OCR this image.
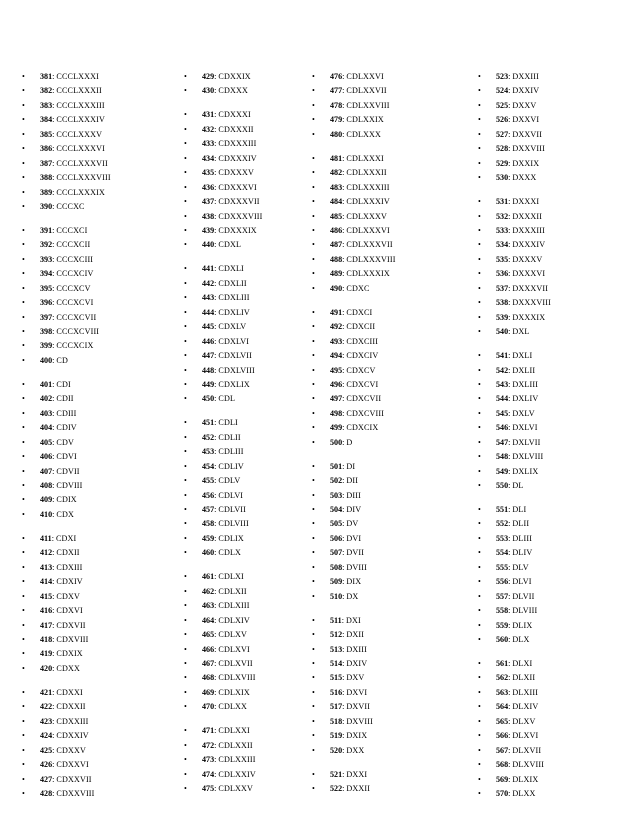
•	381: CCCLXXXI
•	382: CCCLXXXII
•	383: CCCLXXXIII
•	384: CCCLXXXIV
•	385: CCCLXXXV
•	386: CCCLXXXVI
•	387: CCCLXXXVII
•	388: CCCLXXXVIII
•	389: CCCLXXXIX
•	390: CCCXC
•	391: CCCXCI
•	392: CCCXCII
•	393: CCCXCIII
•	394: CCCXCIV
•	395: CCCXCV
•	396: CCCXCVI
•	397: CCCXCVII
•	398: CCCXCVIII
•	399: CCCXCIX
•	400: CD
•	401: CDI
•	402: CDII
•	403: CDIII
•	404: CDIV
•	405: CDV
•	406: CDVI
•	407: CDVII
•	408: CDVIII
•	409: CDIX
•	410: CDX
•	411: CDXI
•	412: CDXII
•	413: CDXIII
•	414: CDXIV
•	415: CDXV
•	416: CDXVI
•	417: CDXVII
•	418: CDXVIII
•	419: CDXIX
•	420: CDXX
•	421: CDXXI
•	422: CDXXII
•	423: CDXXIII
•	424: CDXXIV
•	425: CDXXV
•	426: CDXXVI
•	427: CDXXVII
•	428: CDXXVIII
•	429: CDXXIX
•	430: CDXXX
•	431: CDXXXI
•	432: CDXXXII
•	433: CDXXXIII
•	434: CDXXXIV
•	435: CDXXXV
•	436: CDXXXVI
•	437: CDXXXVII
•	438: CDXXXVIII
•	439: CDXXXIX
•	440: CDXL
•	441: CDXLI
•	442: CDXLII
•	443: CDXLIII
•	444: CDXLIV
•	445: CDXLV
•	446: CDXLVI
•	447: CDXLVII
•	448: CDXLVIII
•	449: CDXLIX
•	450: CDL
•	451: CDLI
•	452: CDLII
•	453: CDLIII
•	454: CDLIV
•	455: CDLV
•	456: CDLVI
•	457: CDLVII
•	458: CDLVIII
•	459: CDLIX
•	460: CDLX
•	461: CDLXI
•	462: CDLXII
•	463: CDLXIII
•	464: CDLXIV
•	465: CDLXV
•	466: CDLXVI
•	467: CDLXVII
•	468: CDLXVIII
•	469: CDLXIX
•	470: CDLXX
•	471: CDLXXI
•	472: CDLXXII
•	473: CDLXXIII
•	474: CDLXXIV
•	475: CDLXXV
•	476: CDLXXVI
•	477: CDLXXVII
•	478: CDLXXVIII
•	479: CDLXXIX
•	480: CDLXXX
•	481: CDLXXXI
•	482: CDLXXXII
•	483: CDLXXXIII
•	484: CDLXXXIV
•	485: CDLXXXV
•	486: CDLXXXVI
•	487: CDLXXXVII
•	488: CDLXXXVIII
•	489: CDLXXXIX
•	490: CDXC
•	491: CDXCI
•	492: CDXCII
•	493: CDXCIII
•	494: CDXCIV
•	495: CDXCV
•	496: CDXCVI
•	497: CDXCVII
•	498: CDXCVIII
•	499: CDXCIX
•	500: D
•	501: DI
•	502: DII
•	503: DIII
•	504: DIV
•	505: DV
•	506: DVI
•	507: DVII
•	508: DVIII
•	509: DIX
•	510: DX
•	511: DXI
•	512: DXII
•	513: DXIII
•	514: DXIV
•	515: DXV
•	516: DXVI
•	517: DXVII
•	518: DXVIII
•	519: DXIX
•	520: DXX
•	521: DXXI
•	522: DXXII
•	523: DXXIII
•	524: DXXIV
•	525: DXXV
•	526: DXXVI
•	527: DXXVII
•	528: DXXVIII
•	529: DXXIX
•	530: DXXX
•	531: DXXXI
•	532: DXXXII
•	533: DXXXIII
•	534: DXXXIV
•	535: DXXXV
•	536: DXXXVI
•	537: DXXXVII
•	538: DXXXVIII
•	539: DXXXIX
•	540: DXL
•	541: DXLI
•	542: DXLII
•	543: DXLIII
•	544: DXLIV
•	545: DXLV
•	546: DXLVI
•	547: DXLVII
•	548: DXLVIII
•	549: DXLIX
•	550: DL
•	551: DLI
•	552: DLII
•	553: DLIII
•	554: DLIV
•	555: DLV
•	556: DLVI
•	557: DLVII
•	558: DLVIII
•	559: DLIX
•	560: DLX
•	561: DLXI
•	562: DLXII
•	563: DLXIII
•	564: DLXIV
•	565: DLXV
•	566: DLXVI
•	567: DLXVII
•	568: DLXVIII
•	569: DLXIX
•	570: DLXX
